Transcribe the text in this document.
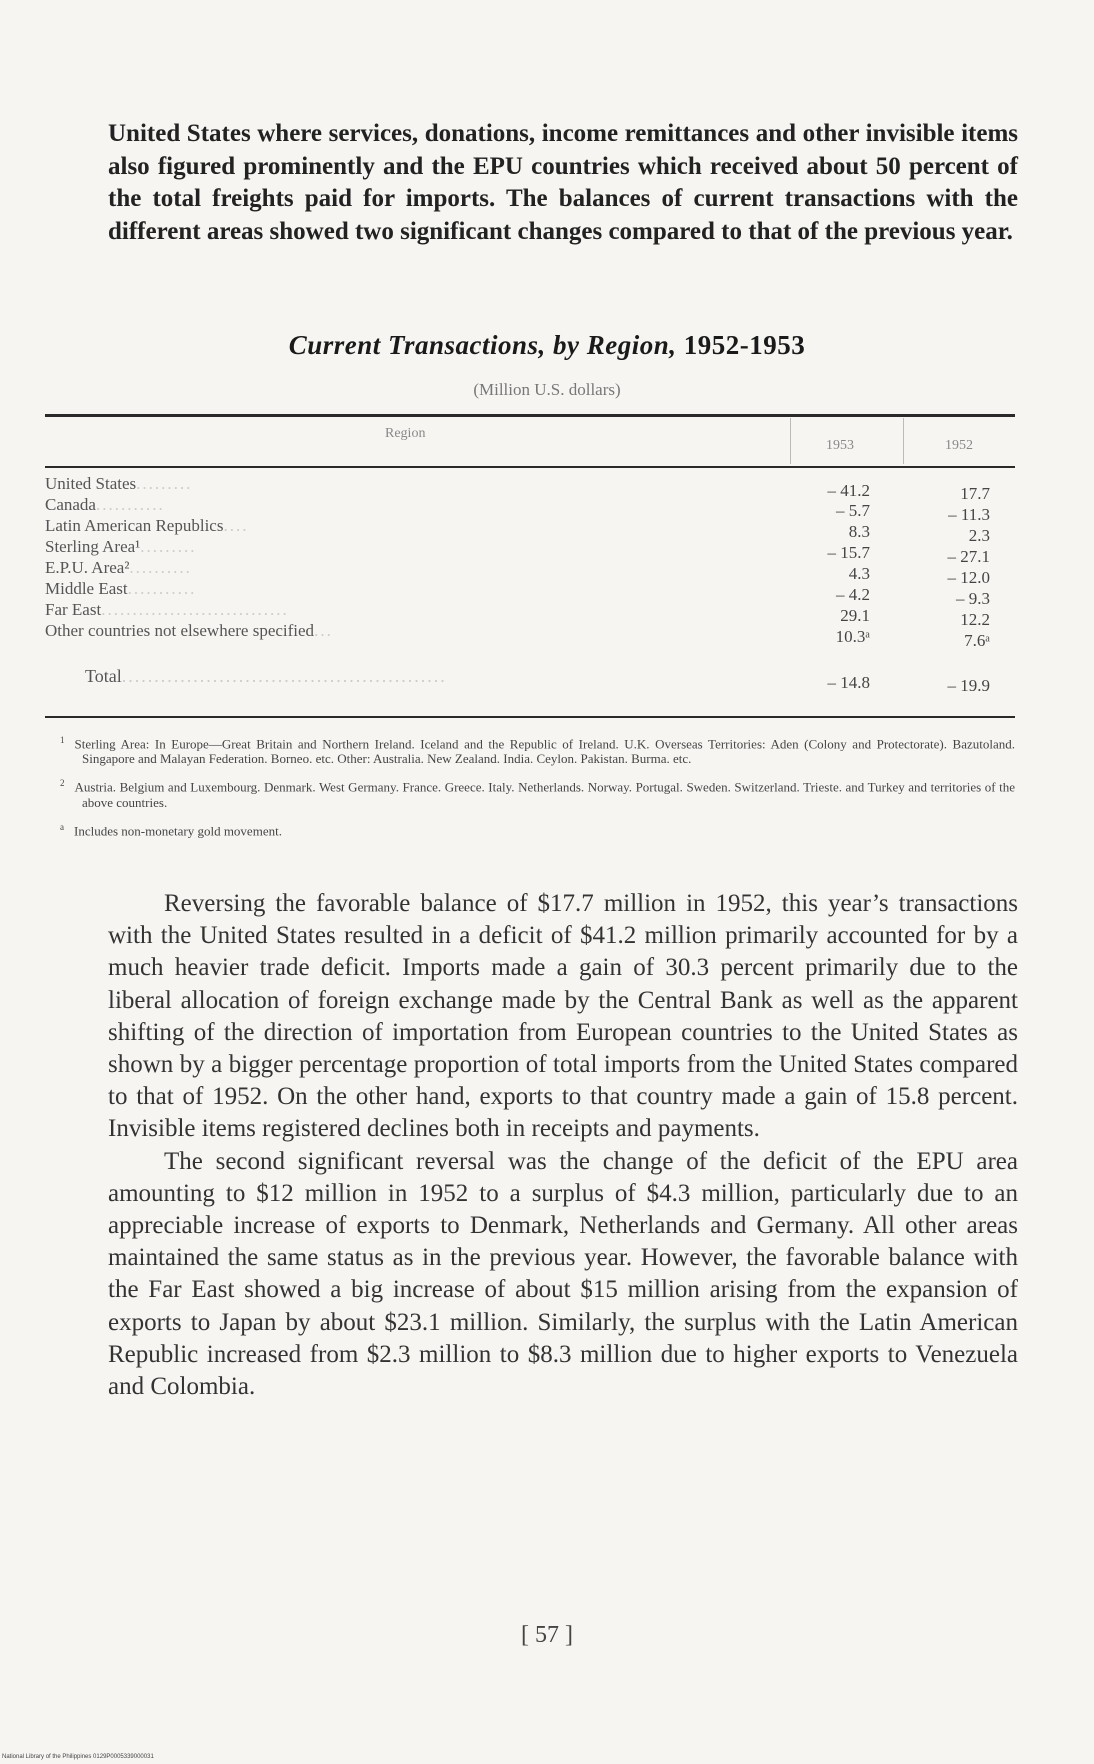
United States where services, donations, income remittances and other invisible items also figured prominently and the EPU countries which received about 50 percent of the total freights paid for imports. The balances of current transactions with the different areas showed two significant changes compared to that of the previous year.

Current Transactions, by Region, 1952-1953
(Million U.S. dollars)
Region
1953	1952
United States.........	– 41.2	17.7
Canada...........	– 5.7	– 11.3
Latin American Republics....	8.3	2.3
Sterling Area¹.........	– 15.7	– 27.1
E.P.U. Area²..........	4.3	– 12.0
Middle East...........	– 4.2	– 9.3
Far East..............................	29.1	12.2
Other countries not elsewhere specified...	10.3ᵃ	7.6ᵃ
Total..................................................	– 14.8	– 19.9

$^1$ Sterling Area: In Europe—Great Britain and Northern Ireland. Iceland and the Republic of Ireland. U.K. Overseas Territories: Aden (Colony and Protectorate). Bazutoland. Singapore and Malayan Federation. Borneo. etc. Other: Australia. New Zealand. India. Ceylon. Pakistan. Burma. etc.

$^2$ Austria. Belgium and Luxembourg. Denmark. West Germany. France. Greece. Italy. Netherlands. Norway. Portugal. Sweden. Switzerland. Trieste. and Turkey and territories of the above countries.

$^a$ Includes non-monetary gold movement.

Reversing the favorable balance of $17.7 million in 1952, this year’s transactions with the United States resulted in a deficit of $41.2 million primarily accounted for by a much heavier trade deficit. Imports made a gain of 30.3 percent primarily due to the liberal allocation of foreign exchange made by the Central Bank as well as the apparent shifting of the direction of importation from European countries to the United States as shown by a bigger percentage proportion of total imports from the United States compared to that of 1952. On the other hand, exports to that country made a gain of 15.8 percent. Invisible items registered declines both in receipts and payments.

The second significant reversal was the change of the deficit of the EPU area amounting to $12 million in 1952 to a surplus of $4.3 million, particularly due to an appreciable increase of exports to Denmark, Netherlands and Germany. All other areas maintained the same status as in the previous year. However, the favorable balance with the Far East showed a big increase of about $15 million arising from the expansion of exports to Japan by about $23.1 million. Similarly, the surplus with the Latin American Republic increased from $2.3 million to $8.3 million due to higher exports to Venezuela and Colombia.

[ 57 ]
National Library of the Philippines 0129P0005339000031
